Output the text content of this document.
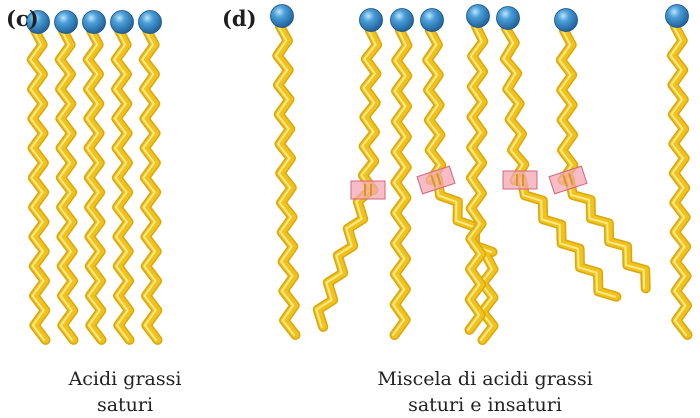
(c)	(d)
Acidi grassi
saturi
Miscela di acidi grassi
saturi e insaturi
